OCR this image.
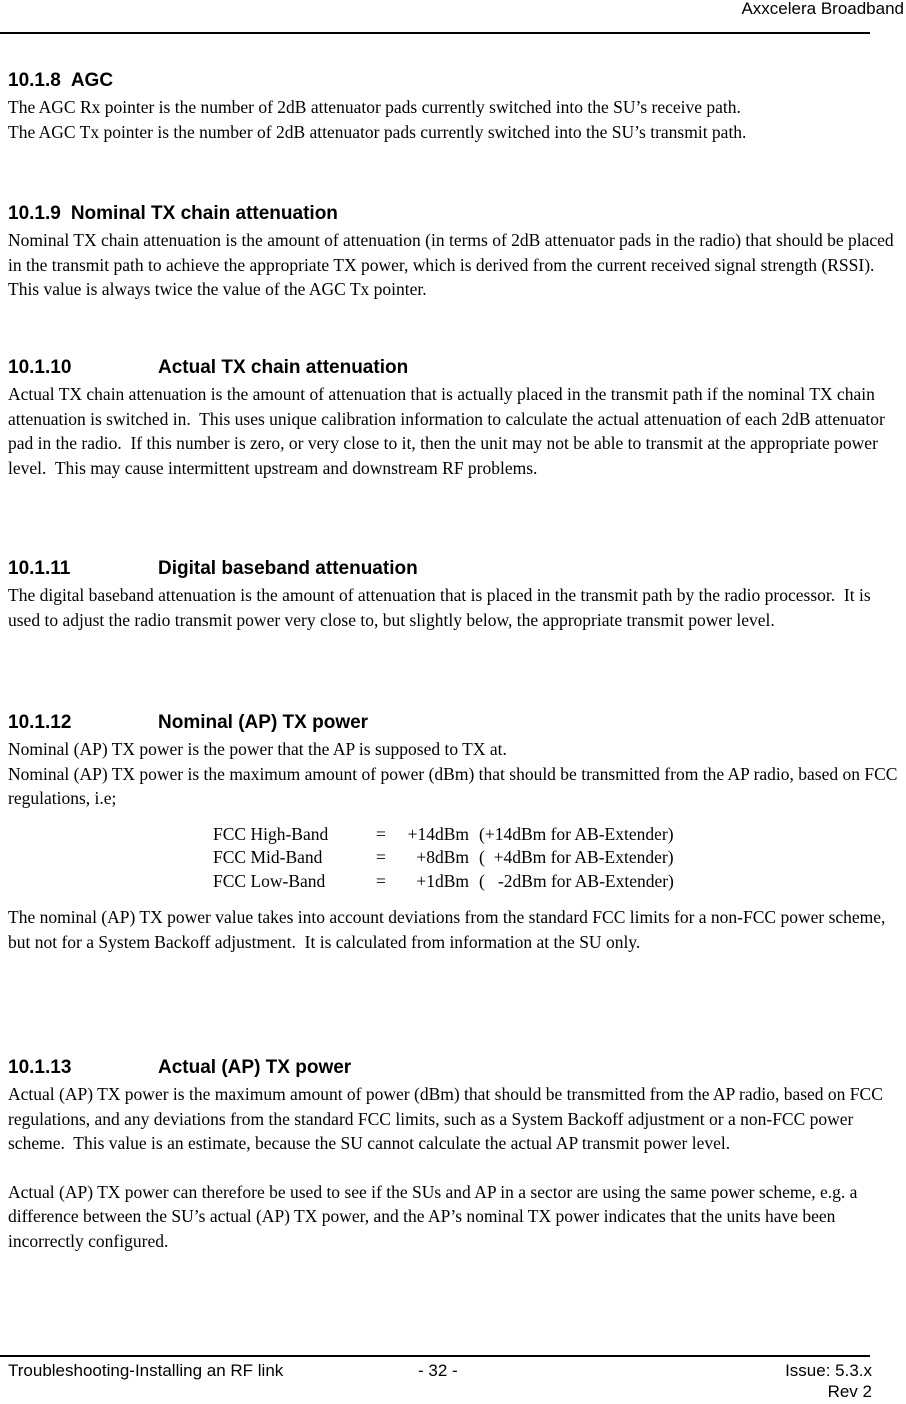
Axxcelera Broadband
10.1.8 AGC

The AGC Rx pointer is the number of 2dB attenuator pads currently switched into the SU’s receive path.
The AGC Tx pointer is the number of 2dB attenuator pads currently switched into the SU’s transmit path.

10.1.9 Nominal TX chain attenuation

Nominal TX chain attenuation is the amount of attenuation (in terms of 2dB attenuator pads in the radio) that should be placed in the transmit path to achieve the appropriate TX power, which is derived from the current received signal strength (RSSI).  This value is always twice the value of the AGC Tx pointer.

10.1.10	Actual TX chain attenuation

Actual TX chain attenuation is the amount of attenuation that is actually placed in the transmit path if the nominal TX chain attenuation is switched in.  This uses unique calibration information to calculate the actual attenuation of each 2dB attenuator pad in the radio.  If this number is zero, or very close to it, then the unit may not be able to transmit at the appropriate power level.  This may cause intermittent upstream and downstream RF problems.

10.1.11	Digital baseband attenuation

The digital baseband attenuation is the amount of attenuation that is placed in the transmit path by the radio processor.  It is used to adjust the radio transmit power very close to, but slightly below, the appropriate transmit power level.

10.1.12	Nominal (AP) TX power

Nominal (AP) TX power is the power that the AP is supposed to TX at.
Nominal (AP) TX power is the maximum amount of power (dBm) that should be transmitted from the AP radio, based on FCC regulations, i.e;

FCC High-Band	=	+14dBm	(+14dBm for AB-Extender)
FCC Mid-Band	=	+8dBm	(  +4dBm for AB-Extender)
FCC Low-Band	=	+1dBm	(   -2dBm for AB-Extender)

The nominal (AP) TX power value takes into account deviations from the standard FCC limits for a non-FCC power scheme, but not for a System Backoff adjustment.  It is calculated from information at the SU only.

10.1.13	Actual (AP) TX power

Actual (AP) TX power is the maximum amount of power (dBm) that should be transmitted from the AP radio, based on FCC regulations, and any deviations from the standard FCC limits, such as a System Backoff adjustment or a non-FCC power scheme.  This value is an estimate, because the SU cannot calculate the actual AP transmit power level.

Actual (AP) TX power can therefore be used to see if the SUs and AP in a sector are using the same power scheme, e.g. a difference between the SU’s actual (AP) TX power, and the AP’s nominal TX power indicates that the units have been incorrectly configured.

Troubleshooting-Installing an RF link	- 32 -	Issue: 5.3.x
Rev 2
